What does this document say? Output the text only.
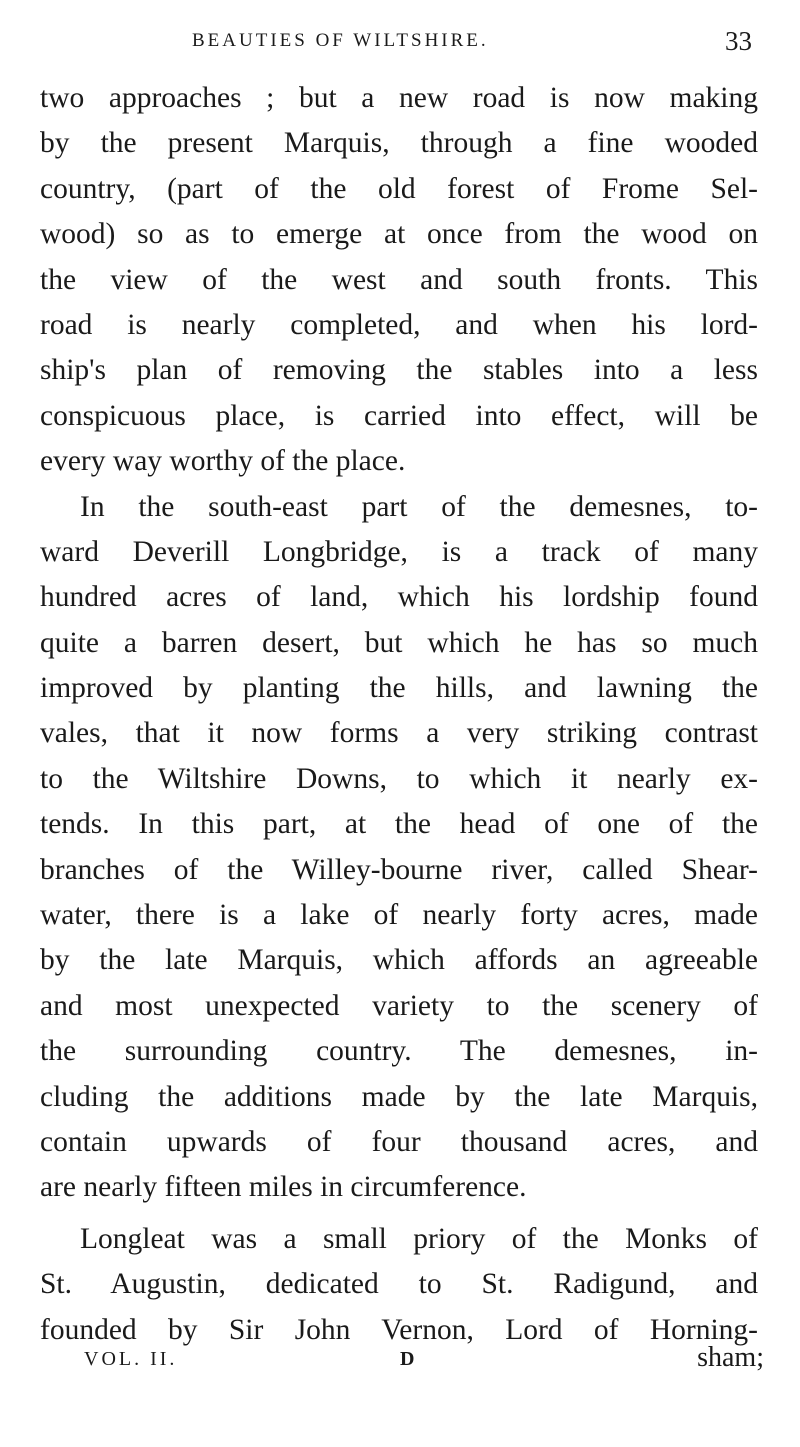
BEAUTIES OF WILTSHIRE.	33
two approaches ; but a new road is now making
by the present Marquis, through a fine wooded
country, (part of the old forest of Frome Sel-
wood) so as to emerge at once from the wood on
the view of the west and south fronts. This
road is nearly completed, and when his lord-
ship's plan of removing the stables into a less
conspicuous place, is carried into effect, will be
every way worthy of the place.
In the south-east part of the demesnes, to-
ward Deverill Longbridge, is a track of many
hundred acres of land, which his lordship found
quite a barren desert, but which he has so much
improved by planting the hills, and lawning the
vales, that it now forms a very striking contrast
to the Wiltshire Downs, to which it nearly ex-
tends. In this part, at the head of one of the
branches of the Willey-bourne river, called Shear-
water, there is a lake of nearly forty acres, made
by the late Marquis, which affords an agreeable
and most unexpected variety to the scenery of
the surrounding country. The demesnes, in-
cluding the additions made by the late Marquis,
contain upwards of four thousand acres, and
are nearly fifteen miles in circumference.
Longleat was a small priory of the Monks of
St. Augustin, dedicated to St. Radigund, and
founded by Sir John Vernon, Lord of Horning-
VOL. II.	D	sham;
